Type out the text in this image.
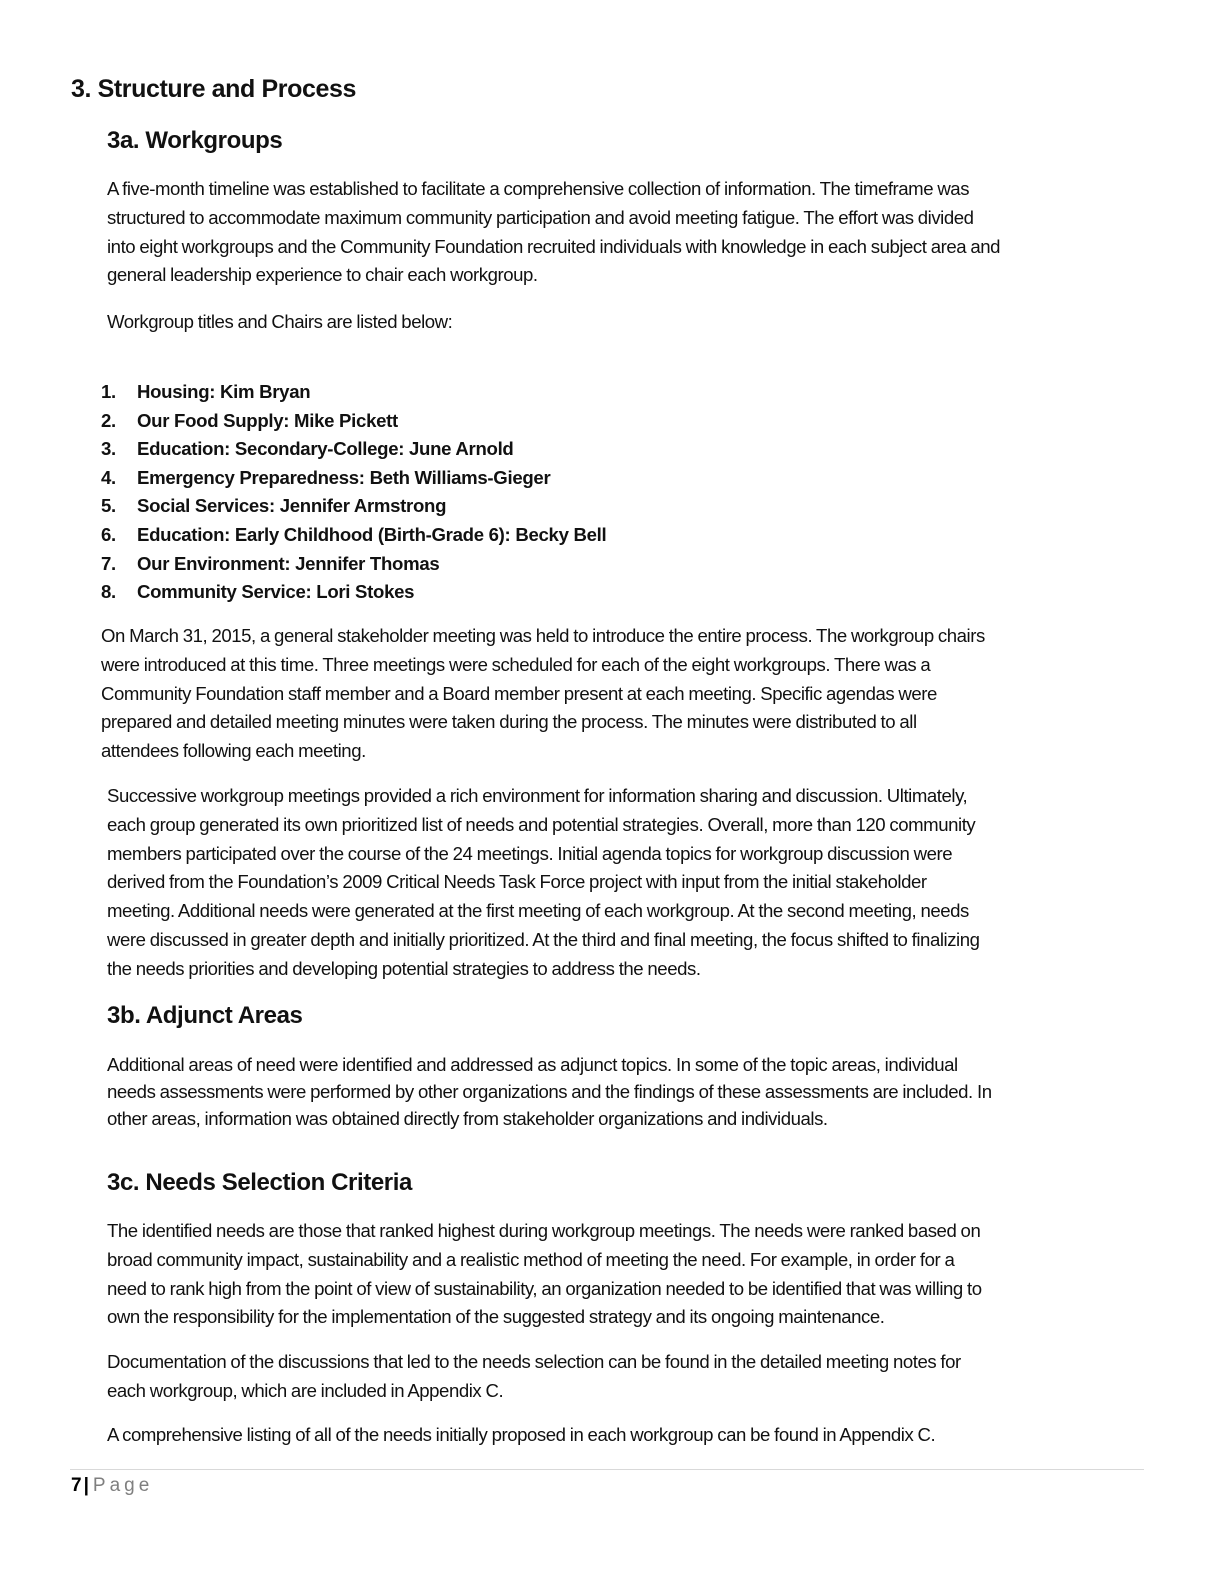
3. Structure and Process
3a. Workgroups

A five-month timeline was established to facilitate a comprehensive collection of information. The timeframe was
structured to accommodate maximum community participation and avoid meeting fatigue. The effort was divided
into eight workgroups and the Community Foundation recruited individuals with knowledge in each subject area and
general leadership experience to chair each workgroup.

Workgroup titles and Chairs are listed below:

1.	Housing: Kim Bryan
2.	Our Food Supply: Mike Pickett
3.	Education: Secondary-College: June Arnold
4.	Emergency Preparedness: Beth Williams-Gieger
5.	Social Services: Jennifer Armstrong
6.	Education: Early Childhood (Birth-Grade 6): Becky Bell
7.	Our Environment: Jennifer Thomas
8.	Community Service: Lori Stokes

On March 31, 2015, a general stakeholder meeting was held to introduce the entire process. The workgroup chairs
were introduced at this time. Three meetings were scheduled for each of the eight workgroups. There was a
Community Foundation staff member and a Board member present at each meeting. Specific agendas were
prepared and detailed meeting minutes were taken during the process. The minutes were distributed to all
attendees following each meeting.

Successive workgroup meetings provided a rich environment for information sharing and discussion. Ultimately,
each group generated its own prioritized list of needs and potential strategies. Overall, more than 120 community
members participated over the course of the 24 meetings. Initial agenda topics for workgroup discussion were
derived from the Foundation’s 2009 Critical Needs Task Force project with input from the initial stakeholder
meeting. Additional needs were generated at the first meeting of each workgroup. At the second meeting, needs
were discussed in greater depth and initially prioritized. At the third and final meeting, the focus shifted to finalizing
the needs priorities and developing potential strategies to address the needs.

3b. Adjunct Areas

Additional areas of need were identified and addressed as adjunct topics. In some of the topic areas, individual
needs assessments were performed by other organizations and the findings of these assessments are included. In
other areas, information was obtained directly from stakeholder organizations and individuals.

3c. Needs Selection Criteria

The identified needs are those that ranked highest during workgroup meetings. The needs were ranked based on
broad community impact, sustainability and a realistic method of meeting the need. For example, in order for a
need to rank high from the point of view of sustainability, an organization needed to be identified that was willing to
own the responsibility for the implementation of the suggested strategy and its ongoing maintenance.

Documentation of the discussions that led to the needs selection can be found in the detailed meeting notes for
each workgroup, which are included in Appendix C.

A comprehensive listing of all of the needs initially proposed in each workgroup can be found in Appendix C.

7 | Page
